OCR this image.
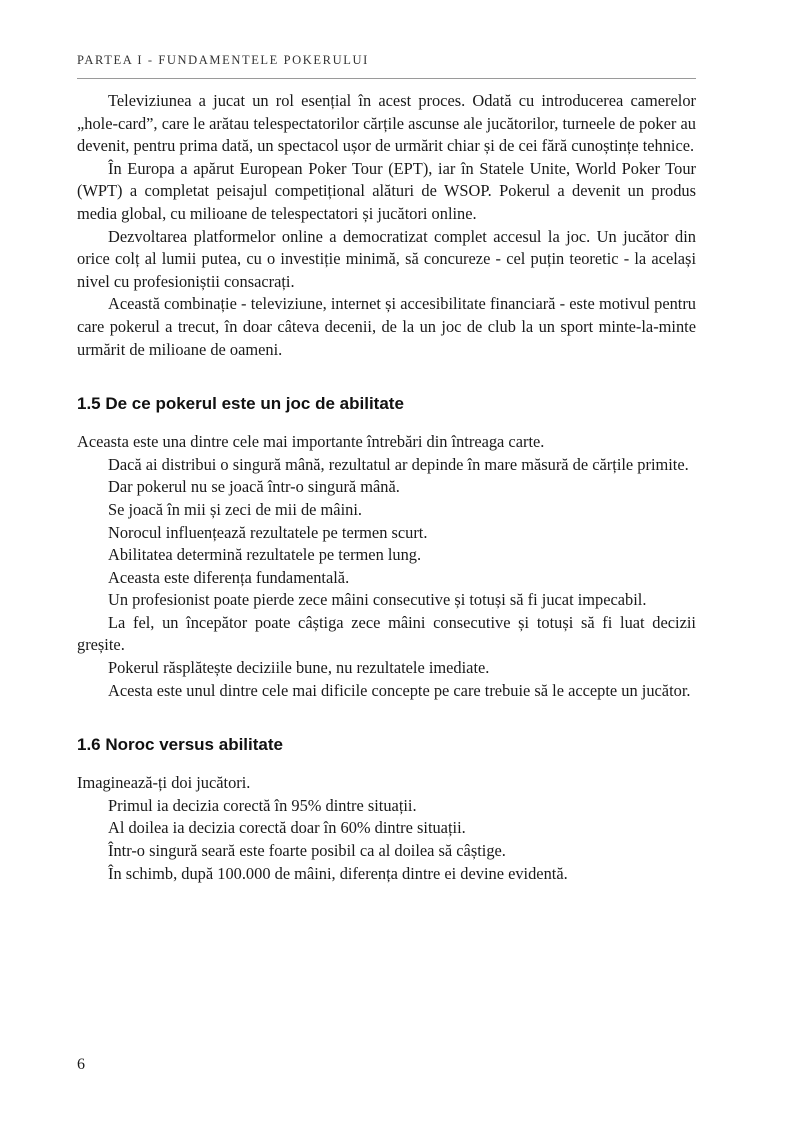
PARTEA I - FUNDAMENTELE POKERULUI

Televiziunea a jucat un rol esențial în acest proces. Odată cu introducerea camerelor „hole-card”, care le arătau telespectatorilor cărțile ascunse ale jucătorilor, turneele de poker au devenit, pentru prima dată, un spectacol ușor de urmărit chiar și de cei fără cunoștințe tehnice.

În Europa a apărut European Poker Tour (EPT), iar în Statele Unite, World Poker Tour (WPT) a completat peisajul competițional alături de WSOP. Pokerul a devenit un produs media global, cu milioane de telespectatori și jucători online.

Dezvoltarea platformelor online a democratizat complet accesul la joc. Un jucător din orice colț al lumii putea, cu o investiție minimă, să concureze - cel puțin teoretic - la același nivel cu profesioniștii consacrați.

Această combinație - televiziune, internet și accesibilitate financiară - este motivul pentru care pokerul a trecut, în doar câteva decenii, de la un joc de club la un sport minte-la-minte urmărit de milioane de oameni.

1.5 De ce pokerul este un joc de abilitate

Aceasta este una dintre cele mai importante întrebări din întreaga carte.

Dacă ai distribui o singură mână, rezultatul ar depinde în mare măsură de cărțile primite.

Dar pokerul nu se joacă într-o singură mână.

Se joacă în mii și zeci de mii de mâini.

Norocul influențează rezultatele pe termen scurt.

Abilitatea determină rezultatele pe termen lung.

Aceasta este diferența fundamentală.

Un profesionist poate pierde zece mâini consecutive și totuși să fi jucat impecabil.

La fel, un începător poate câștiga zece mâini consecutive și totuși să fi luat decizii greșite.

Pokerul răsplătește deciziile bune, nu rezultatele imediate.

Acesta este unul dintre cele mai dificile concepte pe care trebuie să le accepte un jucător.

1.6 Noroc versus abilitate

Imaginează-ți doi jucători.

Primul ia decizia corectă în 95% dintre situații.

Al doilea ia decizia corectă doar în 60% dintre situații.

Într-o singură seară este foarte posibil ca al doilea să câștige.

În schimb, după 100.000 de mâini, diferența dintre ei devine evidentă.

6
